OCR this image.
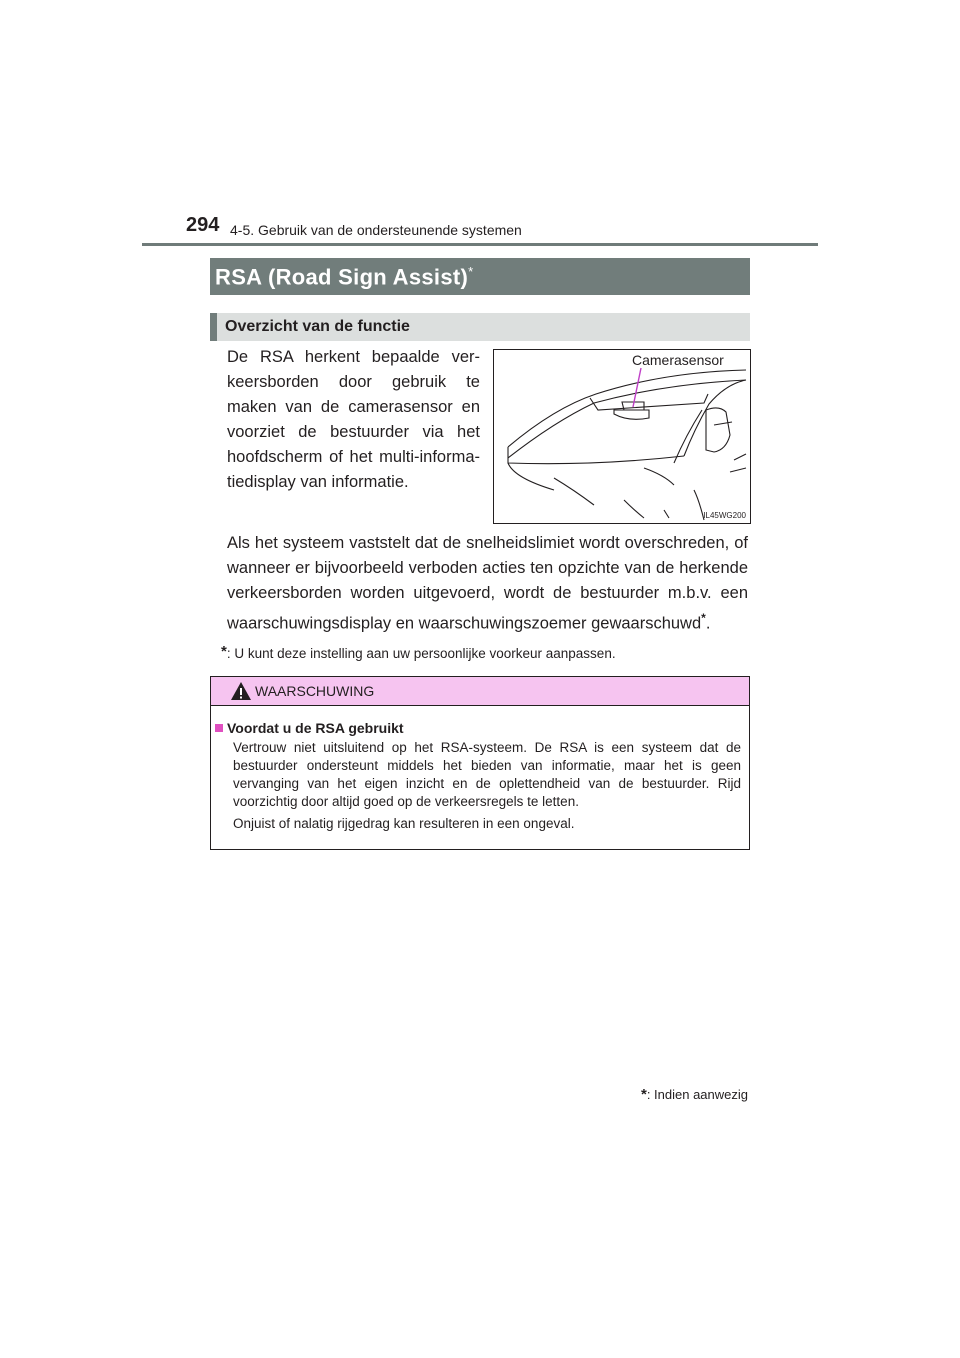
294 4-5. Gebruik van de ondersteunende systemen
RSA (Road Sign Assist)*
Overzicht van de functie
De RSA herkent bepaalde verkeersborden door gebruik te maken van de camerasensor en voorziet de bestuurder via het hoofdscherm of het multi-informatiedisplay van informatie.
Camerasensor
IL45WG200
Als het systeem vaststelt dat de snelheidslimiet wordt overschreden, of wanneer er bijvoorbeeld verboden acties ten opzichte van de herkende verkeersborden worden uitgevoerd, wordt de bestuurder m.b.v. een waarschuwingsdisplay en waarschuwingszoemer gewaarschuwd*.
*: U kunt deze instelling aan uw persoonlijke voorkeur aanpassen.
WAARSCHUWING
Voordat u de RSA gebruikt
Vertrouw niet uitsluitend op het RSA-systeem. De RSA is een systeem dat de bestuurder ondersteunt middels het bieden van informatie, maar het is geen vervanging van het eigen inzicht en de oplettendheid van de bestuurder. Rijd voorzichtig door altijd goed op de verkeersregels te letten.
Onjuist of nalatig rijgedrag kan resulteren in een ongeval.
*: Indien aanwezig
